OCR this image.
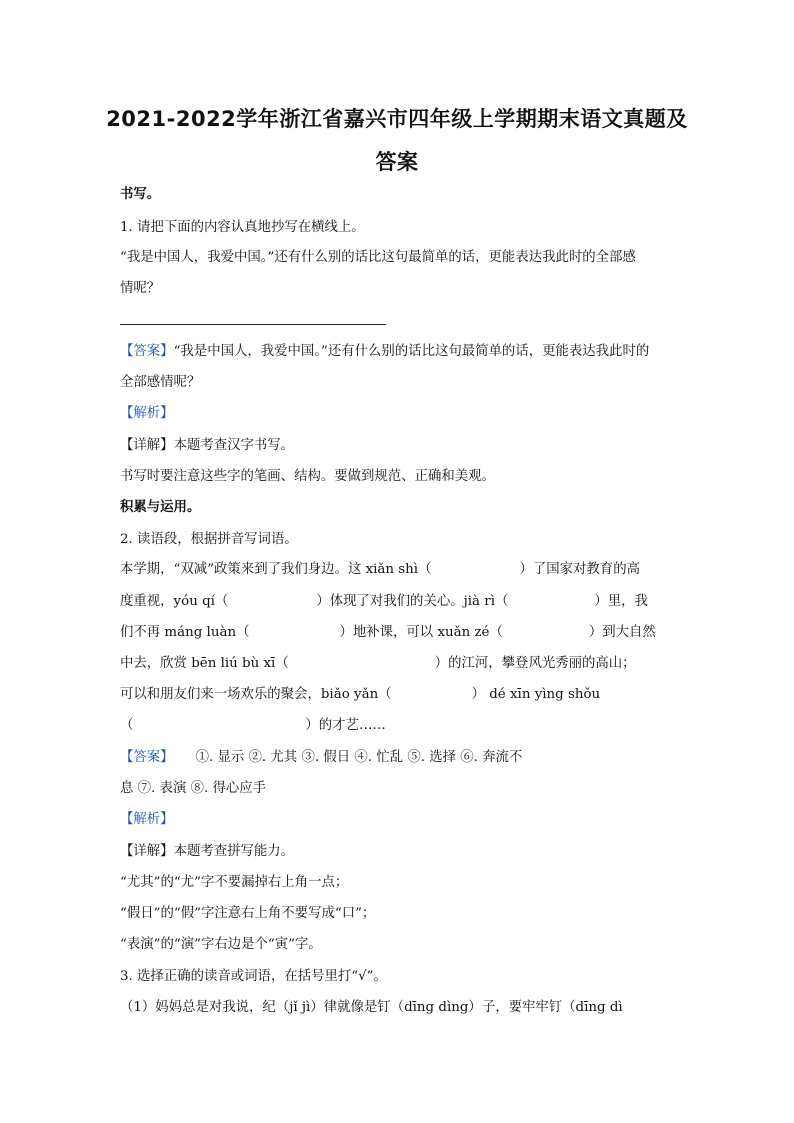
2021-2022学年浙江省嘉兴市四年级上学期期末语文真题及
答案
书写。
1. 请把下面的内容认真地抄写在横线上。
“我是中国人，我爱中国。”还有什么别的话比这句最简单的话，更能表达我此时的全部感
情呢？
【答案】“我是中国人，我爱中国。”还有什么别的话比这句最简单的话，更能表达我此时的
全部感情呢？
【解析】
【详解】本题考查汉字书写。
书写时要注意这些字的笔画、结构。要做到规范、正确和美观。
积累与运用。
2. 读语段，根据拼音写词语。
本学期，“双减”政策来到了我们身边。这 xiǎn shì（	）了国家对教育的高
度重视，yóu qí（	）体现了对我们的关心。jià rì（	）里，我
们不再 máng luàn（	）地补课，可以 xuǎn zé（	）到大自然
中去，欣赏 bēn liú bù xī（	）的江河，攀登风光秀丽的高山；
可以和朋友们来一场欢乐的聚会，biǎo yǎn（	） dé xīn yìng shǒu
（	）的才艺……
【答案】 ①. 显示 ②. 尤其 ③. 假日 ④. 忙乱 ⑤. 选择 ⑥. 奔流不
息 ⑦. 表演 ⑧. 得心应手
【解析】
【详解】本题考查拼写能力。
“尤其”的“尤”字不要漏掉右上角一点；
“假日”的“假”字注意右上角不要写成“口”；
“表演”的“演”字右边是个“寅”字。
3. 选择正确的读音或词语，在括号里打“√”。
（1）妈妈总是对我说，纪（jǐ jì）律就像是钉（dīng dìng）子，要牢牢钉（dīng dì
